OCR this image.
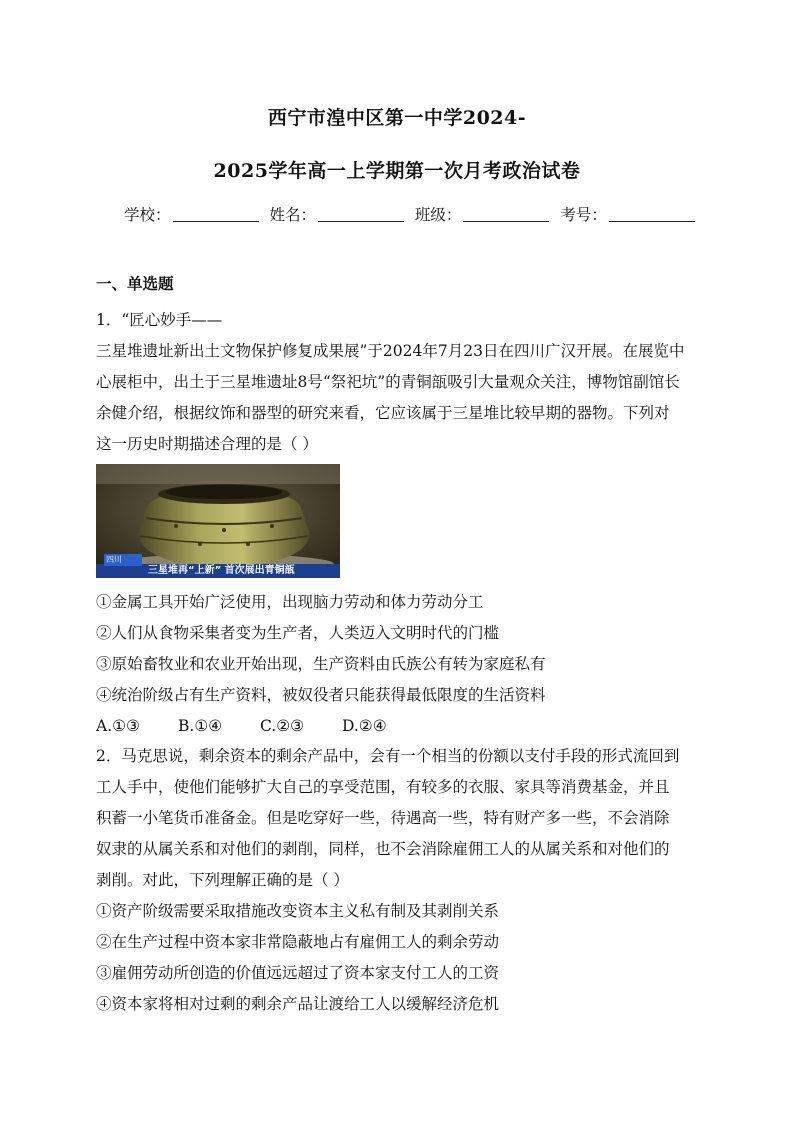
西宁市湟中区第一中学2024-
2025学年高一上学期第一次月考政治试卷
学校：	姓名：	班级：	考号：
一、单选题
1．“匠心妙手——
三星堆遗址新出土文物保护修复成果展”于2024年7月23日在四川广汉开展。在展览中
心展柜中，出土于三星堆遗址8号“祭祀坑”的青铜瓿吸引大量观众关注，博物馆副馆长
余健介绍，根据纹饰和器型的研究来看，它应该属于三星堆比较早期的器物。下列对
这一历史时期描述合理的是（ ）
四川
三星堆再“上新” 首次展出青铜瓿
①金属工具开始广泛使用，出现脑力劳动和体力劳动分工
②人们从食物采集者变为生产者，人类迈入文明时代的门槛
③原始畜牧业和农业开始出现，生产资料由氏族公有转为家庭私有
④统治阶级占有生产资料，被奴役者只能获得最低限度的生活资料
A.①③	B.①④	C.②③	D.②④
2．马克思说，剩余资本的剩余产品中，会有一个相当的份额以支付手段的形式流回到
工人手中，使他们能够扩大自己的享受范围，有较多的衣服、家具等消费基金，并且
积蓄一小笔货币准备金。但是吃穿好一些，待遇高一些，特有财产多一些，不会消除
奴隶的从属关系和对他们的剥削，同样，也不会消除雇佣工人的从属关系和对他们的
剥削。对此，下列理解正确的是（ ）
①资产阶级需要采取措施改变资本主义私有制及其剥削关系
②在生产过程中资本家非常隐蔽地占有雇佣工人的剩余劳动
③雇佣劳动所创造的价值远远超过了资本家支付工人的工资
④资本家将相对过剩的剩余产品让渡给工人以缓解经济危机
